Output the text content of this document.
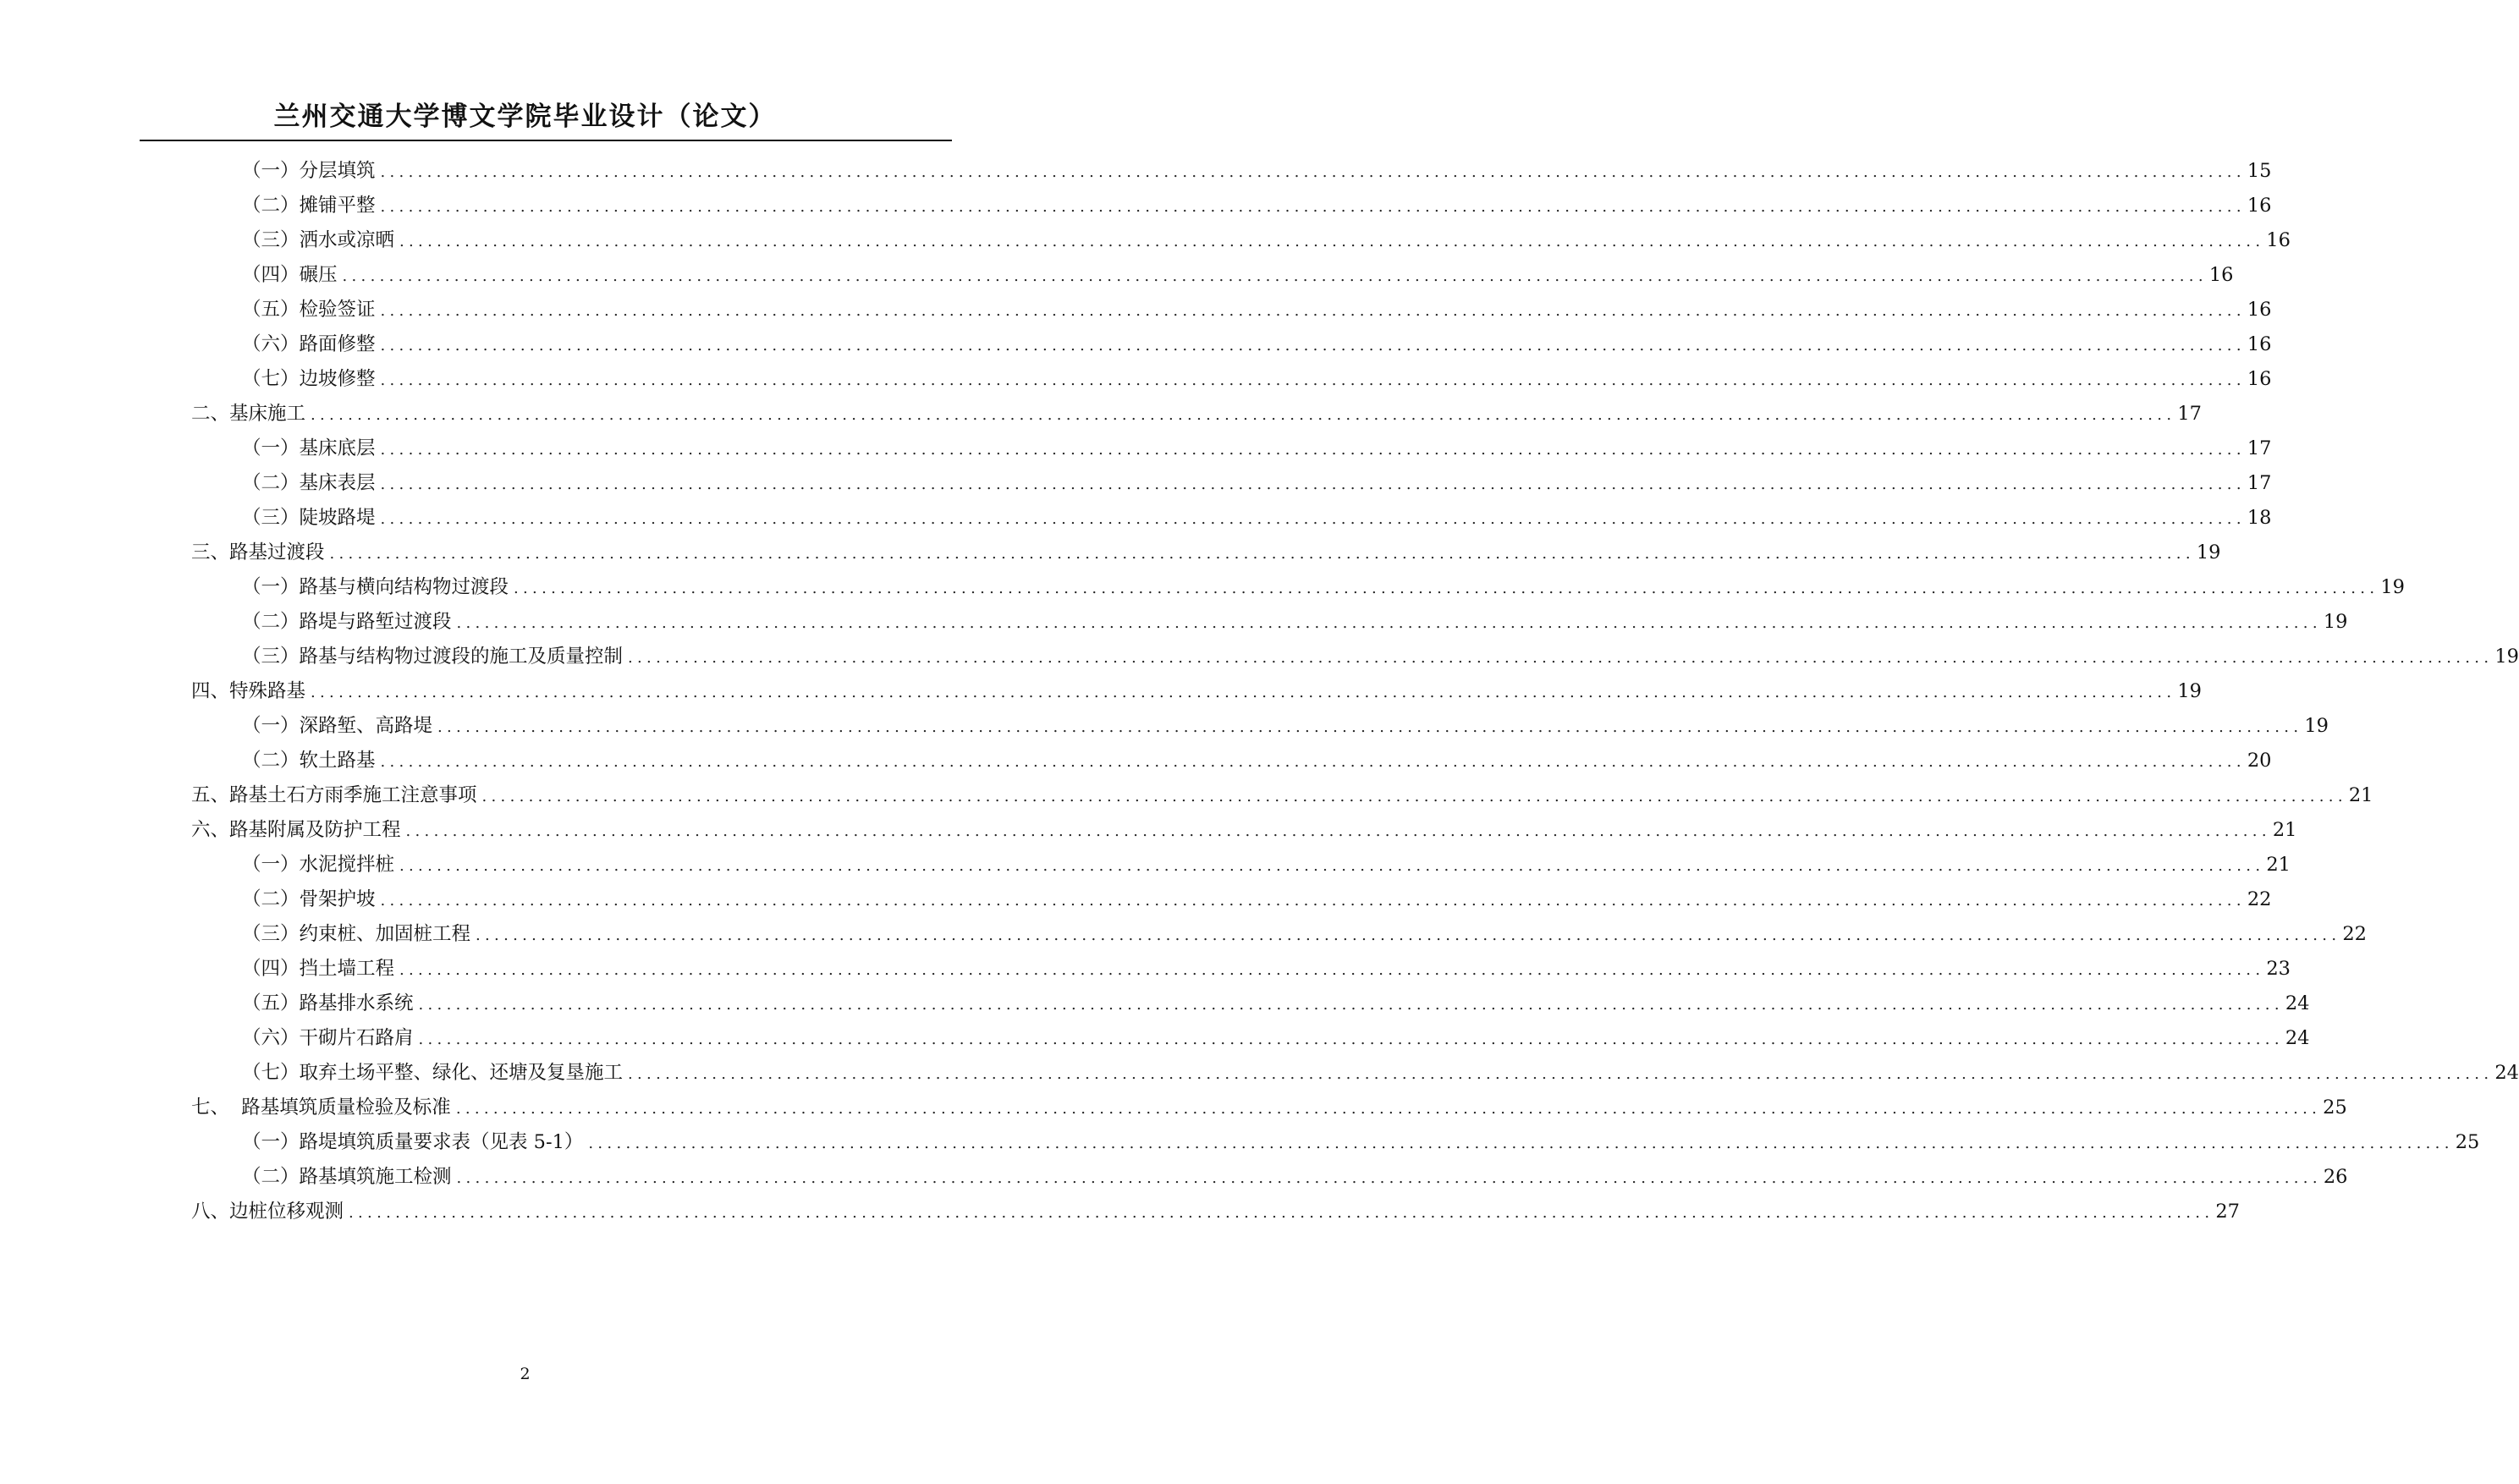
兰州交通大学博文学院毕业设计（论文）
（一）分层填筑 ........................................................................................................................................................................................................ 15
（二）摊铺平整 ........................................................................................................................................................................................................ 16
（三）洒水或凉晒 ........................................................................................................................................................................................................ 16
（四）碾压 ........................................................................................................................................................................................................ 16
（五）检验签证 ........................................................................................................................................................................................................ 16
（六）路面修整 ........................................................................................................................................................................................................ 16
（七）边坡修整 ........................................................................................................................................................................................................ 16
二、基床施工 ........................................................................................................................................................................................................ 17
（一）基床底层 ........................................................................................................................................................................................................ 17
（二）基床表层 ........................................................................................................................................................................................................ 17
（三）陡坡路堤 ........................................................................................................................................................................................................ 18
三、路基过渡段 ........................................................................................................................................................................................................ 19
（一）路基与横向结构物过渡段 ........................................................................................................................................................................................................ 19
（二）路堤与路堑过渡段 ........................................................................................................................................................................................................ 19
（三）路基与结构物过渡段的施工及质量控制 ........................................................................................................................................................................................................ 19
四、特殊路基 ........................................................................................................................................................................................................ 19
（一）深路堑、高路堤 ........................................................................................................................................................................................................ 19
（二）软土路基 ........................................................................................................................................................................................................ 20
五、路基土石方雨季施工注意事项 ........................................................................................................................................................................................................ 21
六、路基附属及防护工程 ........................................................................................................................................................................................................ 21
（一）水泥搅拌桩 ........................................................................................................................................................................................................ 21
（二）骨架护坡 ........................................................................................................................................................................................................ 22
（三）约束桩、加固桩工程 ........................................................................................................................................................................................................ 22
（四）挡土墙工程 ........................................................................................................................................................................................................ 23
（五）路基排水系统 ........................................................................................................................................................................................................ 24
（六）干砌片石路肩 ........................................................................................................................................................................................................ 24
（七）取弃土场平整、绿化、还塘及复垦施工 ........................................................................................................................................................................................................ 24
七、  路基填筑质量检验及标准 ........................................................................................................................................................................................................ 25
（一）路堤填筑质量要求表（见表 5-1） ........................................................................................................................................................................................................ 25
（二）路基填筑施工检测 ........................................................................................................................................................................................................ 26
八、边桩位移观测 ........................................................................................................................................................................................................ 27
2
